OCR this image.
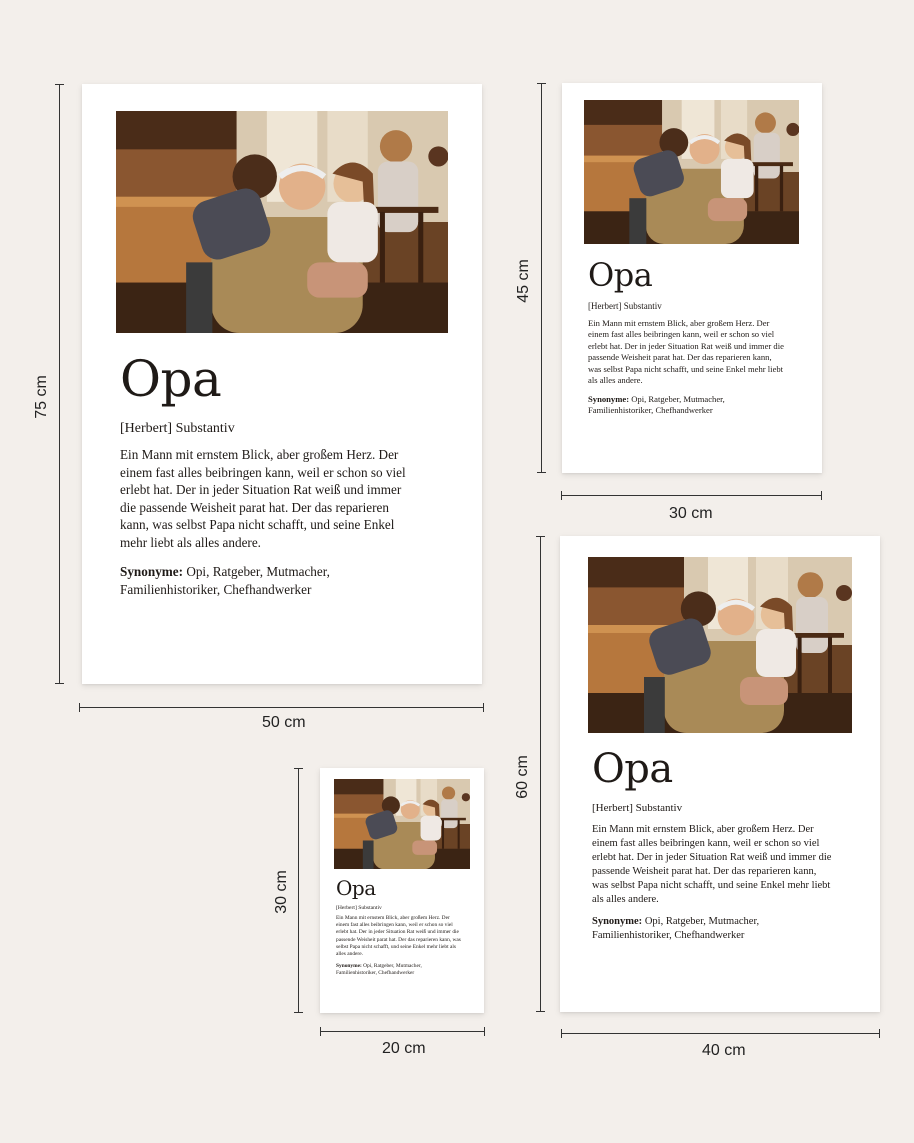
Opa

[Herbert] Substantiv

Ein Mann mit ernstem Blick, aber großem Herz. Der einem fast alles beibringen kann, weil er schon so viel erlebt hat. Der in jeder Situation Rat weiß und immer die passende Weisheit parat hat. Der das reparieren kann, was selbst Papa nicht schafft, und seine Enkel mehr liebt als alles andere.

Synonyme: Opi, Ratgeber, Mutmacher, Familienhistoriker, Chefhandwerker

75 cm
50 cm
Opa

[Herbert] Substantiv

Ein Mann mit ernstem Blick, aber großem Herz. Der einem fast alles beibringen kann, weil er schon so viel erlebt hat. Der in jeder Situation Rat weiß und immer die passende Weisheit parat hat. Der das reparieren kann, was selbst Papa nicht schafft, und seine Enkel mehr liebt als alles andere.

Synonyme: Opi, Ratgeber, Mutmacher, Familienhistoriker, Chefhandwerker

45 cm
30 cm
Opa

[Herbert] Substantiv

Ein Mann mit ernstem Blick, aber großem Herz. Der einem fast alles beibringen kann, weil er schon so viel erlebt hat. Der in jeder Situation Rat weiß und immer die passende Weisheit parat hat. Der das reparieren kann, was selbst Papa nicht schafft, und seine Enkel mehr liebt als alles andere.

Synonyme: Opi, Ratgeber, Mutmacher, Familienhistoriker, Chefhandwerker

30 cm
20 cm
Opa

[Herbert] Substantiv

Ein Mann mit ernstem Blick, aber großem Herz. Der einem fast alles beibringen kann, weil er schon so viel erlebt hat. Der in jeder Situation Rat weiß und immer die passende Weisheit parat hat. Der das reparieren kann, was selbst Papa nicht schafft, und seine Enkel mehr liebt als alles andere.

Synonyme: Opi, Ratgeber, Mutmacher, Familienhistoriker, Chefhandwerker

60 cm
40 cm
